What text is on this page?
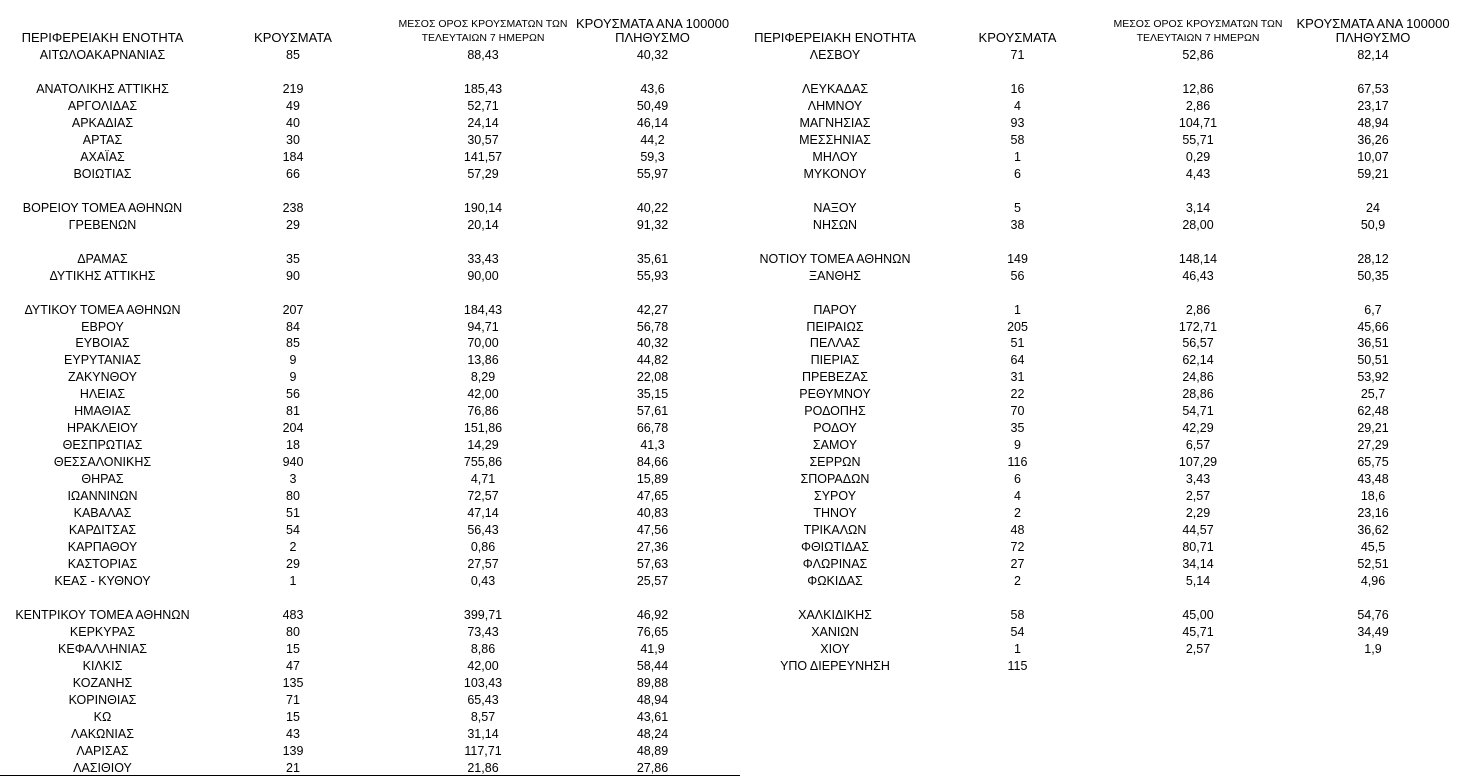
ΠΕΡΙΦΕΡΕΙΑΚΗ ΕΝΟΤΗΤΑ	ΚΡΟΥΣΜΑΤΑ
ΜΕΣΟΣ ΟΡΟΣ ΚΡΟΥΣΜΑΤΩΝ ΤΩΝ
ΤΕΛΕΥΤΑΙΩΝ 7 ΗΜΕΡΩΝ
ΚΡΟΥΣΜΑΤΑ ΑΝΑ 100000
ΠΛΗΘΥΣΜΟ
ΑΙΤΩΛΟΑΚΑΡΝΑΝΙΑΣ	85	88,43	40,32
ΑΝΑΤΟΛΙΚΗΣ ΑΤΤΙΚΗΣ	219	185,43	43,6
ΑΡΓΟΛΙΔΑΣ	49	52,71	50,49
ΑΡΚΑΔΙΑΣ	40	24,14	46,14
ΑΡΤΑΣ	30	30,57	44,2
ΑΧΑΪΑΣ	184	141,57	59,3
ΒΟΙΩΤΙΑΣ	66	57,29	55,97
ΒΟΡΕΙΟΥ ΤΟΜΕΑ ΑΘΗΝΩΝ	238	190,14	40,22
ΓΡΕΒΕΝΩΝ	29	20,14	91,32
ΔΡΑΜΑΣ	35	33,43	35,61
ΔΥΤΙΚΗΣ ΑΤΤΙΚΗΣ	90	90,00	55,93
ΔΥΤΙΚΟΥ ΤΟΜΕΑ ΑΘΗΝΩΝ	207	184,43	42,27
ΕΒΡΟΥ	84	94,71	56,78
ΕΥΒΟΙΑΣ	85	70,00	40,32
ΕΥΡΥΤΑΝΙΑΣ	9	13,86	44,82
ΖΑΚΥΝΘΟΥ	9	8,29	22,08
ΗΛΕΙΑΣ	56	42,00	35,15
ΗΜΑΘΙΑΣ	81	76,86	57,61
ΗΡΑΚΛΕΙΟΥ	204	151,86	66,78
ΘΕΣΠΡΩΤΙΑΣ	18	14,29	41,3
ΘΕΣΣΑΛΟΝΙΚΗΣ	940	755,86	84,66
ΘΗΡΑΣ	3	4,71	15,89
ΙΩΑΝΝΙΝΩΝ	80	72,57	47,65
ΚΑΒΑΛΑΣ	51	47,14	40,83
ΚΑΡΔΙΤΣΑΣ	54	56,43	47,56
ΚΑΡΠΑΘΟΥ	2	0,86	27,36
ΚΑΣΤΟΡΙΑΣ	29	27,57	57,63
ΚΕΑΣ - ΚΥΘΝΟΥ	1	0,43	25,57
ΚΕΝΤΡΙΚΟΥ ΤΟΜΕΑ ΑΘΗΝΩΝ	483	399,71	46,92
ΚΕΡΚΥΡΑΣ	80	73,43	76,65
ΚΕΦΑΛΛΗΝΙΑΣ	15	8,86	41,9
ΚΙΛΚΙΣ	47	42,00	58,44
ΚΟΖΑΝΗΣ	135	103,43	89,88
ΚΟΡΙΝΘΙΑΣ	71	65,43	48,94
ΚΩ	15	8,57	43,61
ΛΑΚΩΝΙΑΣ	43	31,14	48,24
ΛΑΡΙΣΑΣ	139	117,71	48,89
ΛΑΣΙΘΙΟΥ	21	21,86	27,86
ΠΕΡΙΦΕΡΕΙΑΚΗ ΕΝΟΤΗΤΑ	ΚΡΟΥΣΜΑΤΑ
ΜΕΣΟΣ ΟΡΟΣ ΚΡΟΥΣΜΑΤΩΝ ΤΩΝ
ΤΕΛΕΥΤΑΙΩΝ 7 ΗΜΕΡΩΝ
ΚΡΟΥΣΜΑΤΑ ΑΝΑ 100000
ΠΛΗΘΥΣΜΟ
ΛΕΣΒΟΥ	71	52,86	82,14
ΛΕΥΚΑΔΑΣ	16	12,86	67,53
ΛΗΜΝΟΥ	4	2,86	23,17
ΜΑΓΝΗΣΙΑΣ	93	104,71	48,94
ΜΕΣΣΗΝΙΑΣ	58	55,71	36,26
ΜΗΛΟΥ	1	0,29	10,07
ΜΥΚΟΝΟΥ	6	4,43	59,21
ΝΑΞΟΥ	5	3,14	24
ΝΗΣΩΝ	38	28,00	50,9
ΝΟΤΙΟΥ ΤΟΜΕΑ ΑΘΗΝΩΝ	149	148,14	28,12
ΞΑΝΘΗΣ	56	46,43	50,35
ΠΑΡΟΥ	1	2,86	6,7
ΠΕΙΡΑΙΩΣ	205	172,71	45,66
ΠΕΛΛΑΣ	51	56,57	36,51
ΠΙΕΡΙΑΣ	64	62,14	50,51
ΠΡΕΒΕΖΑΣ	31	24,86	53,92
ΡΕΘΥΜΝΟΥ	22	28,86	25,7
ΡΟΔΟΠΗΣ	70	54,71	62,48
ΡΟΔΟΥ	35	42,29	29,21
ΣΑΜΟΥ	9	6,57	27,29
ΣΕΡΡΩΝ	116	107,29	65,75
ΣΠΟΡΑΔΩΝ	6	3,43	43,48
ΣΥΡΟΥ	4	2,57	18,6
ΤΗΝΟΥ	2	2,29	23,16
ΤΡΙΚΑΛΩΝ	48	44,57	36,62
ΦΘΙΩΤΙΔΑΣ	72	80,71	45,5
ΦΛΩΡΙΝΑΣ	27	34,14	52,51
ΦΩΚΙΔΑΣ	2	5,14	4,96
ΧΑΛΚΙΔΙΚΗΣ	58	45,00	54,76
ΧΑΝΙΩΝ	54	45,71	34,49
ΧΙΟΥ	1	2,57	1,9
ΥΠΟ ΔΙΕΡΕΥΝΗΣΗ	115
